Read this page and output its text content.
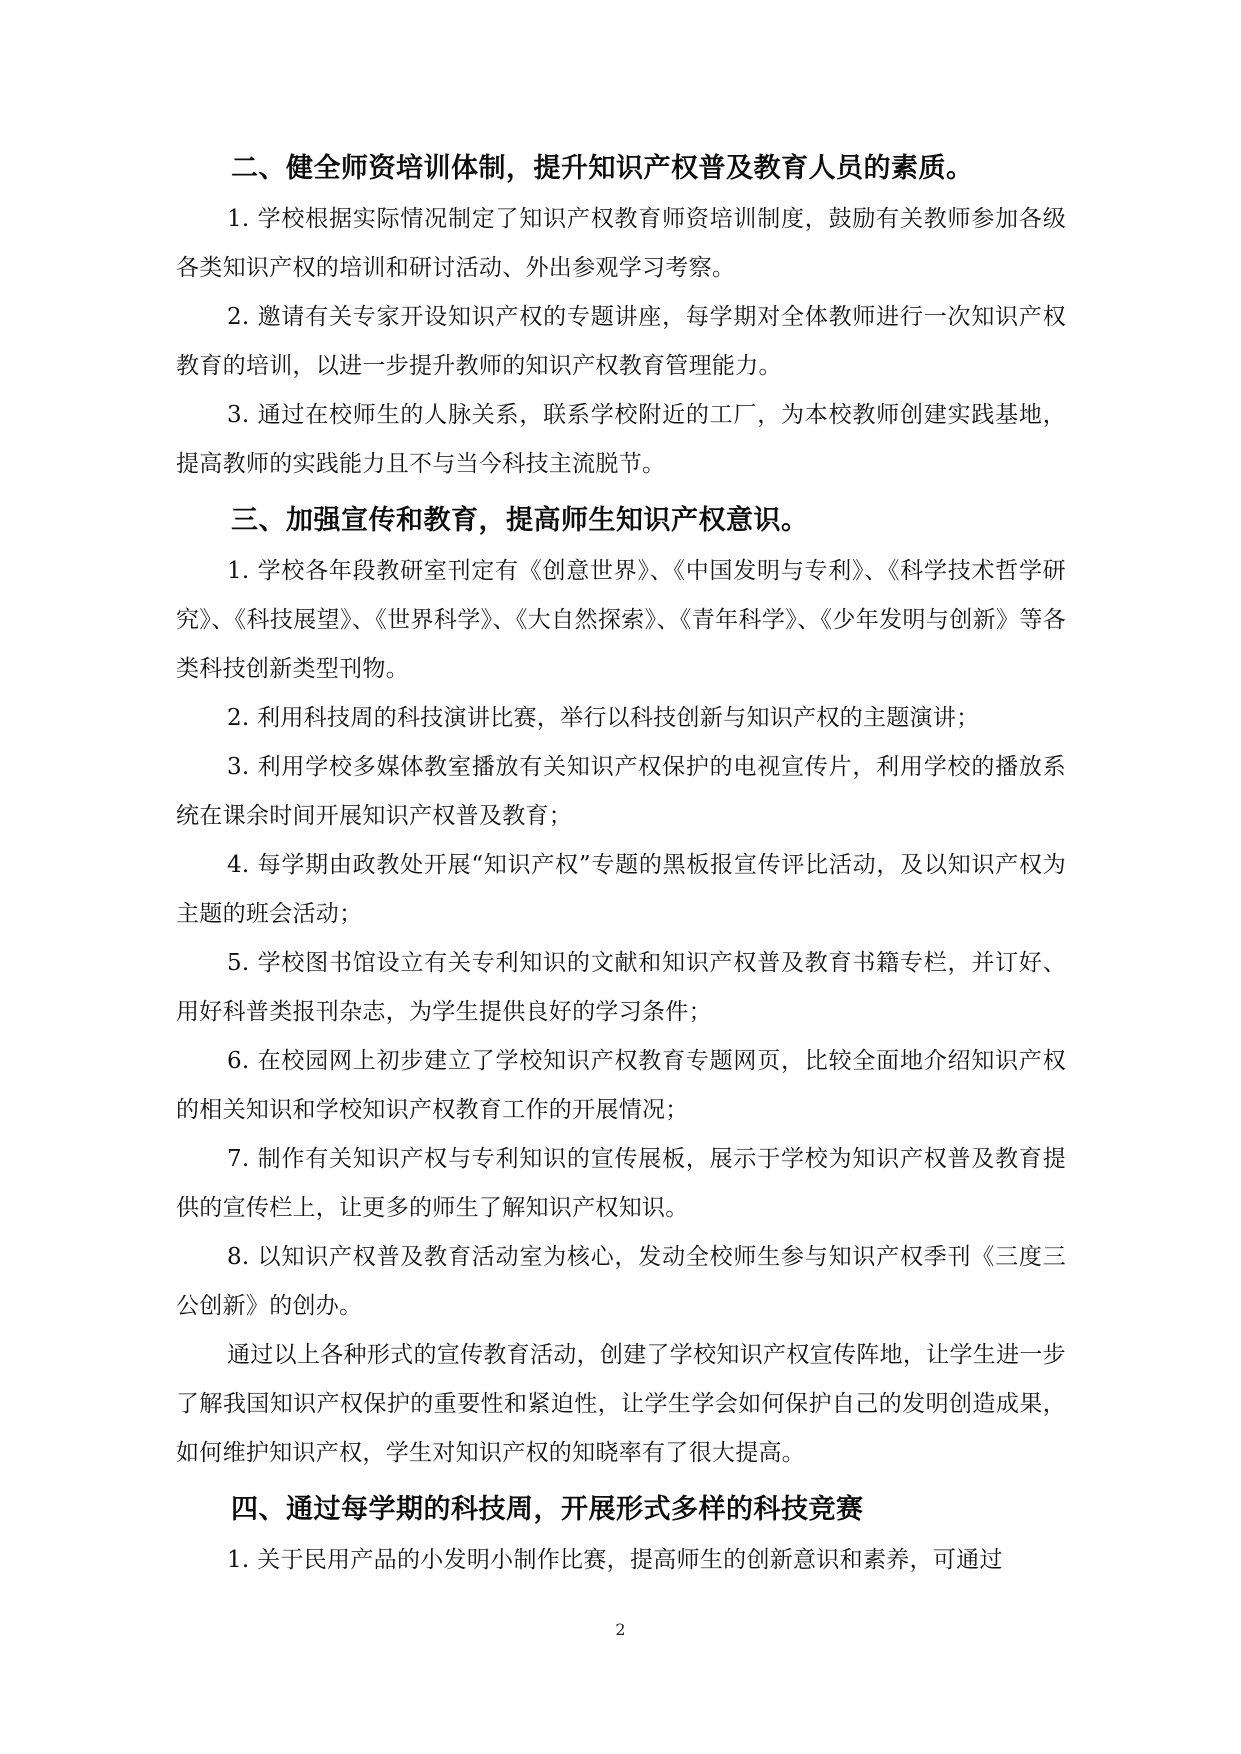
二、健全师资培训体制，提升知识产权普及教育人员的素质。

1. 学校根据实际情况制定了知识产权教育师资培训制度，鼓励有关教师参加各级各类知识产权的培训和研讨活动、外出参观学习考察。

2. 邀请有关专家开设知识产权的专题讲座，每学期对全体教师进行一次知识产权教育的培训，以进一步提升教师的知识产权教育管理能力。

3. 通过在校师生的人脉关系，联系学校附近的工厂，为本校教师创建实践基地，提高教师的实践能力且不与当今科技主流脱节。

三、加强宣传和教育，提高师生知识产权意识。

1. 学校各年段教研室刊定有《创意世界》、《中国发明与专利》、《科学技术哲学研究》、《科技展望》、《世界科学》、《大自然探索》、《青年科学》、《少年发明与创新》等各类科技创新类型刊物。

2. 利用科技周的科技演讲比赛，举行以科技创新与知识产权的主题演讲；

3. 利用学校多媒体教室播放有关知识产权保护的电视宣传片，利用学校的播放系统在课余时间开展知识产权普及教育；

4. 每学期由政教处开展“知识产权”专题的黑板报宣传评比活动，及以知识产权为主题的班会活动；

5. 学校图书馆设立有关专利知识的文献和知识产权普及教育书籍专栏，并订好、用好科普类报刊杂志，为学生提供良好的学习条件；

6. 在校园网上初步建立了学校知识产权教育专题网页，比较全面地介绍知识产权的相关知识和学校知识产权教育工作的开展情况；

7. 制作有关知识产权与专利知识的宣传展板，展示于学校为知识产权普及教育提供的宣传栏上，让更多的师生了解知识产权知识。

8. 以知识产权普及教育活动室为核心，发动全校师生参与知识产权季刊《三度三公创新》的创办。

通过以上各种形式的宣传教育活动，创建了学校知识产权宣传阵地，让学生进一步了解我国知识产权保护的重要性和紧迫性，让学生学会如何保护自己的发明创造成果，如何维护知识产权，学生对知识产权的知晓率有了很大提高。

四、通过每学期的科技周，开展形式多样的科技竞赛

1. 关于民用产品的小发明小制作比赛，提高师生的创新意识和素养，可通过

2
